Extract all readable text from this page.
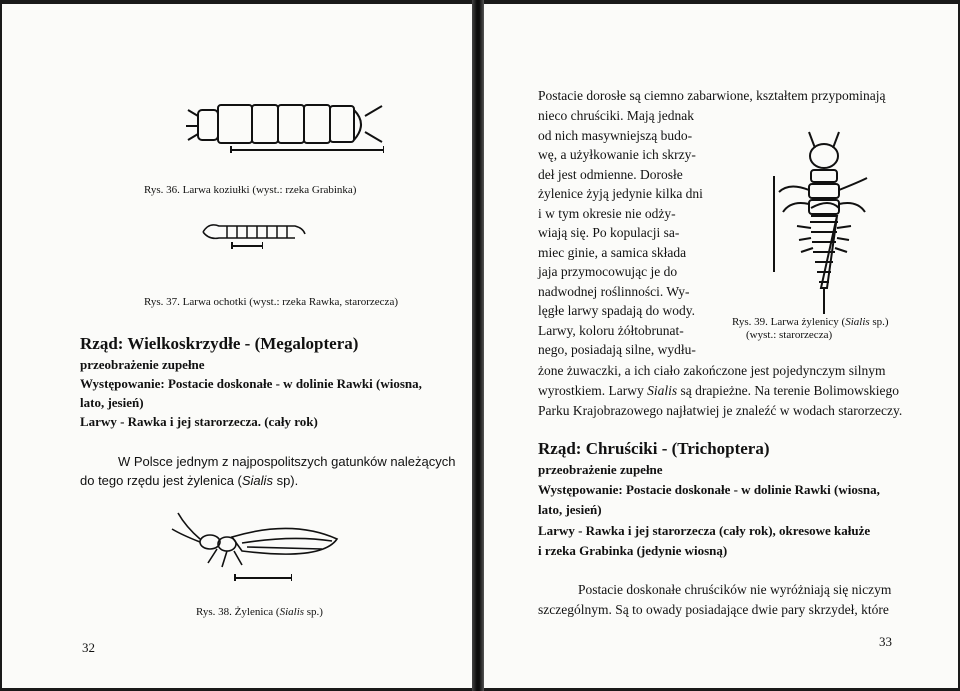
Rys. 36. Larwa koziułki (wyst.: rzeka Grabinka)
Rys. 37. Larwa ochotki (wyst.: rzeka Rawka, starorzecza)
Rząd: Wielkoskrzydłe - (Megaloptera)
przeobrażenie zupełne
Występowanie: Postacie doskonałe - w dolinie Rawki (wiosna,
lato, jesień)
Larwy - Rawka i jej starorzecza. (cały rok)
W Polsce jednym z najpospolitszych gatunków należących
do tego rzędu jest żylenica (Sialis sp).
Rys. 38. Żylenica (Sialis sp.)
32
Postacie dorosłe są ciemno zabarwione, kształtem przypominają
nieco chruściki. Mają jednak
od nich masywniejszą budo-
wę, a użyłkowanie ich skrzy-
deł jest odmienne. Dorosłe
żylenice żyją jedynie kilka dni
i w tym okresie nie odży-
wiają się. Po kopulacji sa-
miec ginie, a samica składa
jaja przymocowując je do
nadwodnej roślinności. Wy-
lęgłe larwy spadają do wody.
Larwy, koloru żółtobrunat-
nego, posiadają silne, wydłu-
Rys. 39. Larwa żylenicy (Sialis sp.)
(wyst.: starorzecza)
żone żuwaczki, a ich ciało zakończone jest pojedynczym silnym
wyrostkiem. Larwy Sialis są drapieżne. Na terenie Bolimowskiego
Parku Krajobrazowego najłatwiej je znaleźć w wodach starorzeczy.
Rząd: Chruściki - (Trichoptera)
przeobrażenie zupełne
Występowanie: Postacie doskonałe - w dolinie Rawki (wiosna,
lato, jesień)
Larwy - Rawka i jej starorzecza (cały rok), okresowe kałuże
i rzeka Grabinka (jedynie wiosną)
Postacie doskonałe chruścików nie wyróżniają się niczym
szczególnym. Są to owady posiadające dwie pary skrzydeł, które
33
